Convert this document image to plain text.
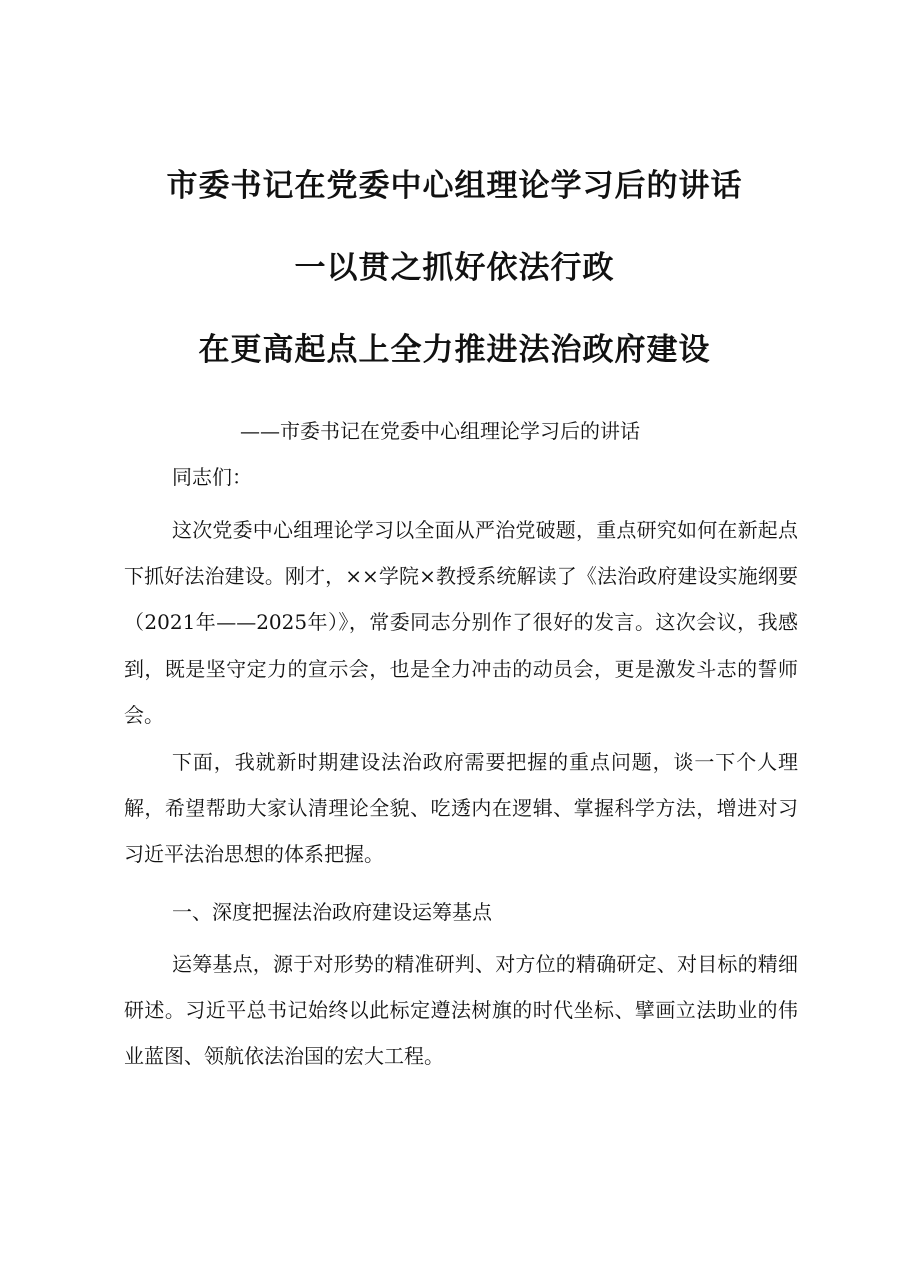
市委书记在党委中心组理论学习后的讲话
一以贯之抓好依法行政
在更高起点上全力推进法治政府建设
——市委书记在党委中心组理论学习后的讲话
同志们：
这次党委中心组理论学习以全面从严治党破题，重点研究如何在新起点下抓好法治建设。刚才，××学院×教授系统解读了《法治政府建设实施纲要（2021年——2025年）》，常委同志分别作了很好的发言。这次会议，我感到，既是坚守定力的宣示会，也是全力冲击的动员会，更是激发斗志的誓师会。
下面，我就新时期建设法治政府需要把握的重点问题，谈一下个人理解，希望帮助大家认清理论全貌、吃透内在逻辑、掌握科学方法，增进对习习近平法治思想的体系把握。
一、深度把握法治政府建设运筹基点
运筹基点，源于对形势的精准研判、对方位的精确研定、对目标的精细研述。习近平总书记始终以此标定遵法树旗的时代坐标、擘画立法助业的伟业蓝图、领航依法治国的宏大工程。
